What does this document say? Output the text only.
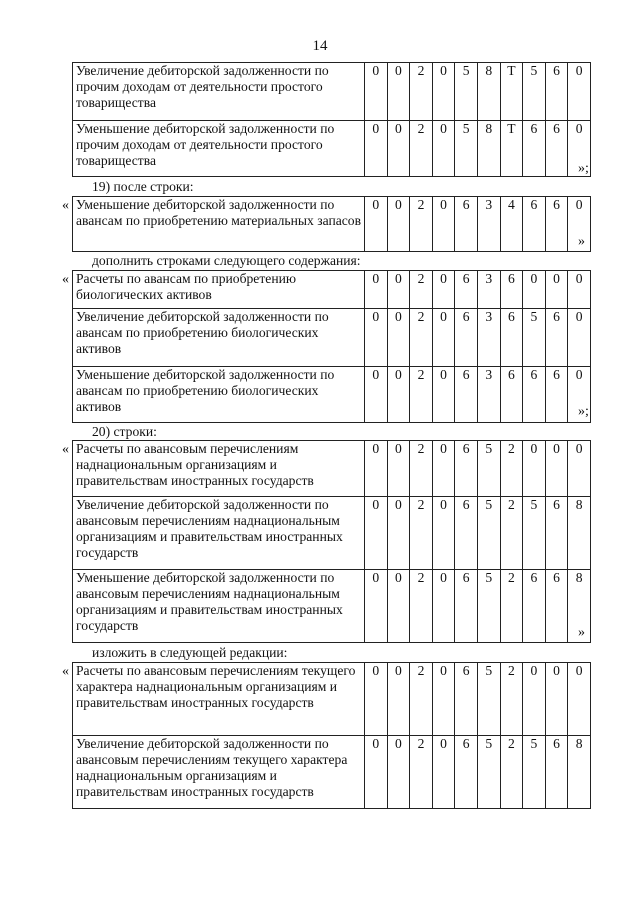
14
Увеличение дебиторской задолженности по прочим доходам от деятельности простого товарищества	0	0	2	0	5	8	Т	5	6	0
Уменьшение дебиторской задолженности по прочим доходам от деятельности простого товарищества	0	0	2	0	5	8	Т	6	6	0
»;
19) после строки:
« Уменьшение дебиторской задолженности по авансам по приобретению материальных запасов	0	0	2	0	6	3	4	6	6	0
»
дополнить строками следующего содержания:
« Расчеты по авансам по приобретению биологических активов	0	0	2	0	6	3	6	0	0	0
Увеличение дебиторской задолженности по авансам по приобретению биологических активов	0	0	2	0	6	3	6	5	6	0
Уменьшение дебиторской задолженности по авансам по приобретению биологических активов	0	0	2	0	6	3	6	6	6	0
»;
20) строки:
« Расчеты по авансовым перечислениям наднациональным организациям и правительствам иностранных государств	0	0	2	0	6	5	2	0	0	0
Увеличение дебиторской задолженности по авансовым перечислениям наднациональным организациям и правительствам иностранных государств	0	0	2	0	6	5	2	5	6	8
Уменьшение дебиторской задолженности по авансовым перечислениям наднациональным организациям и правительствам иностранных государств	0	0	2	0	6	5	2	6	6	8
»
изложить в следующей редакции:
« Расчеты по авансовым перечислениям текущего характера наднациональным организациям и правительствам иностранных государств	0	0	2	0	6	5	2	0	0	0
Увеличение дебиторской задолженности по авансовым перечислениям текущего характера наднациональным организациям и правительствам иностранных государств	0	0	2	0	6	5	2	5	6	8
